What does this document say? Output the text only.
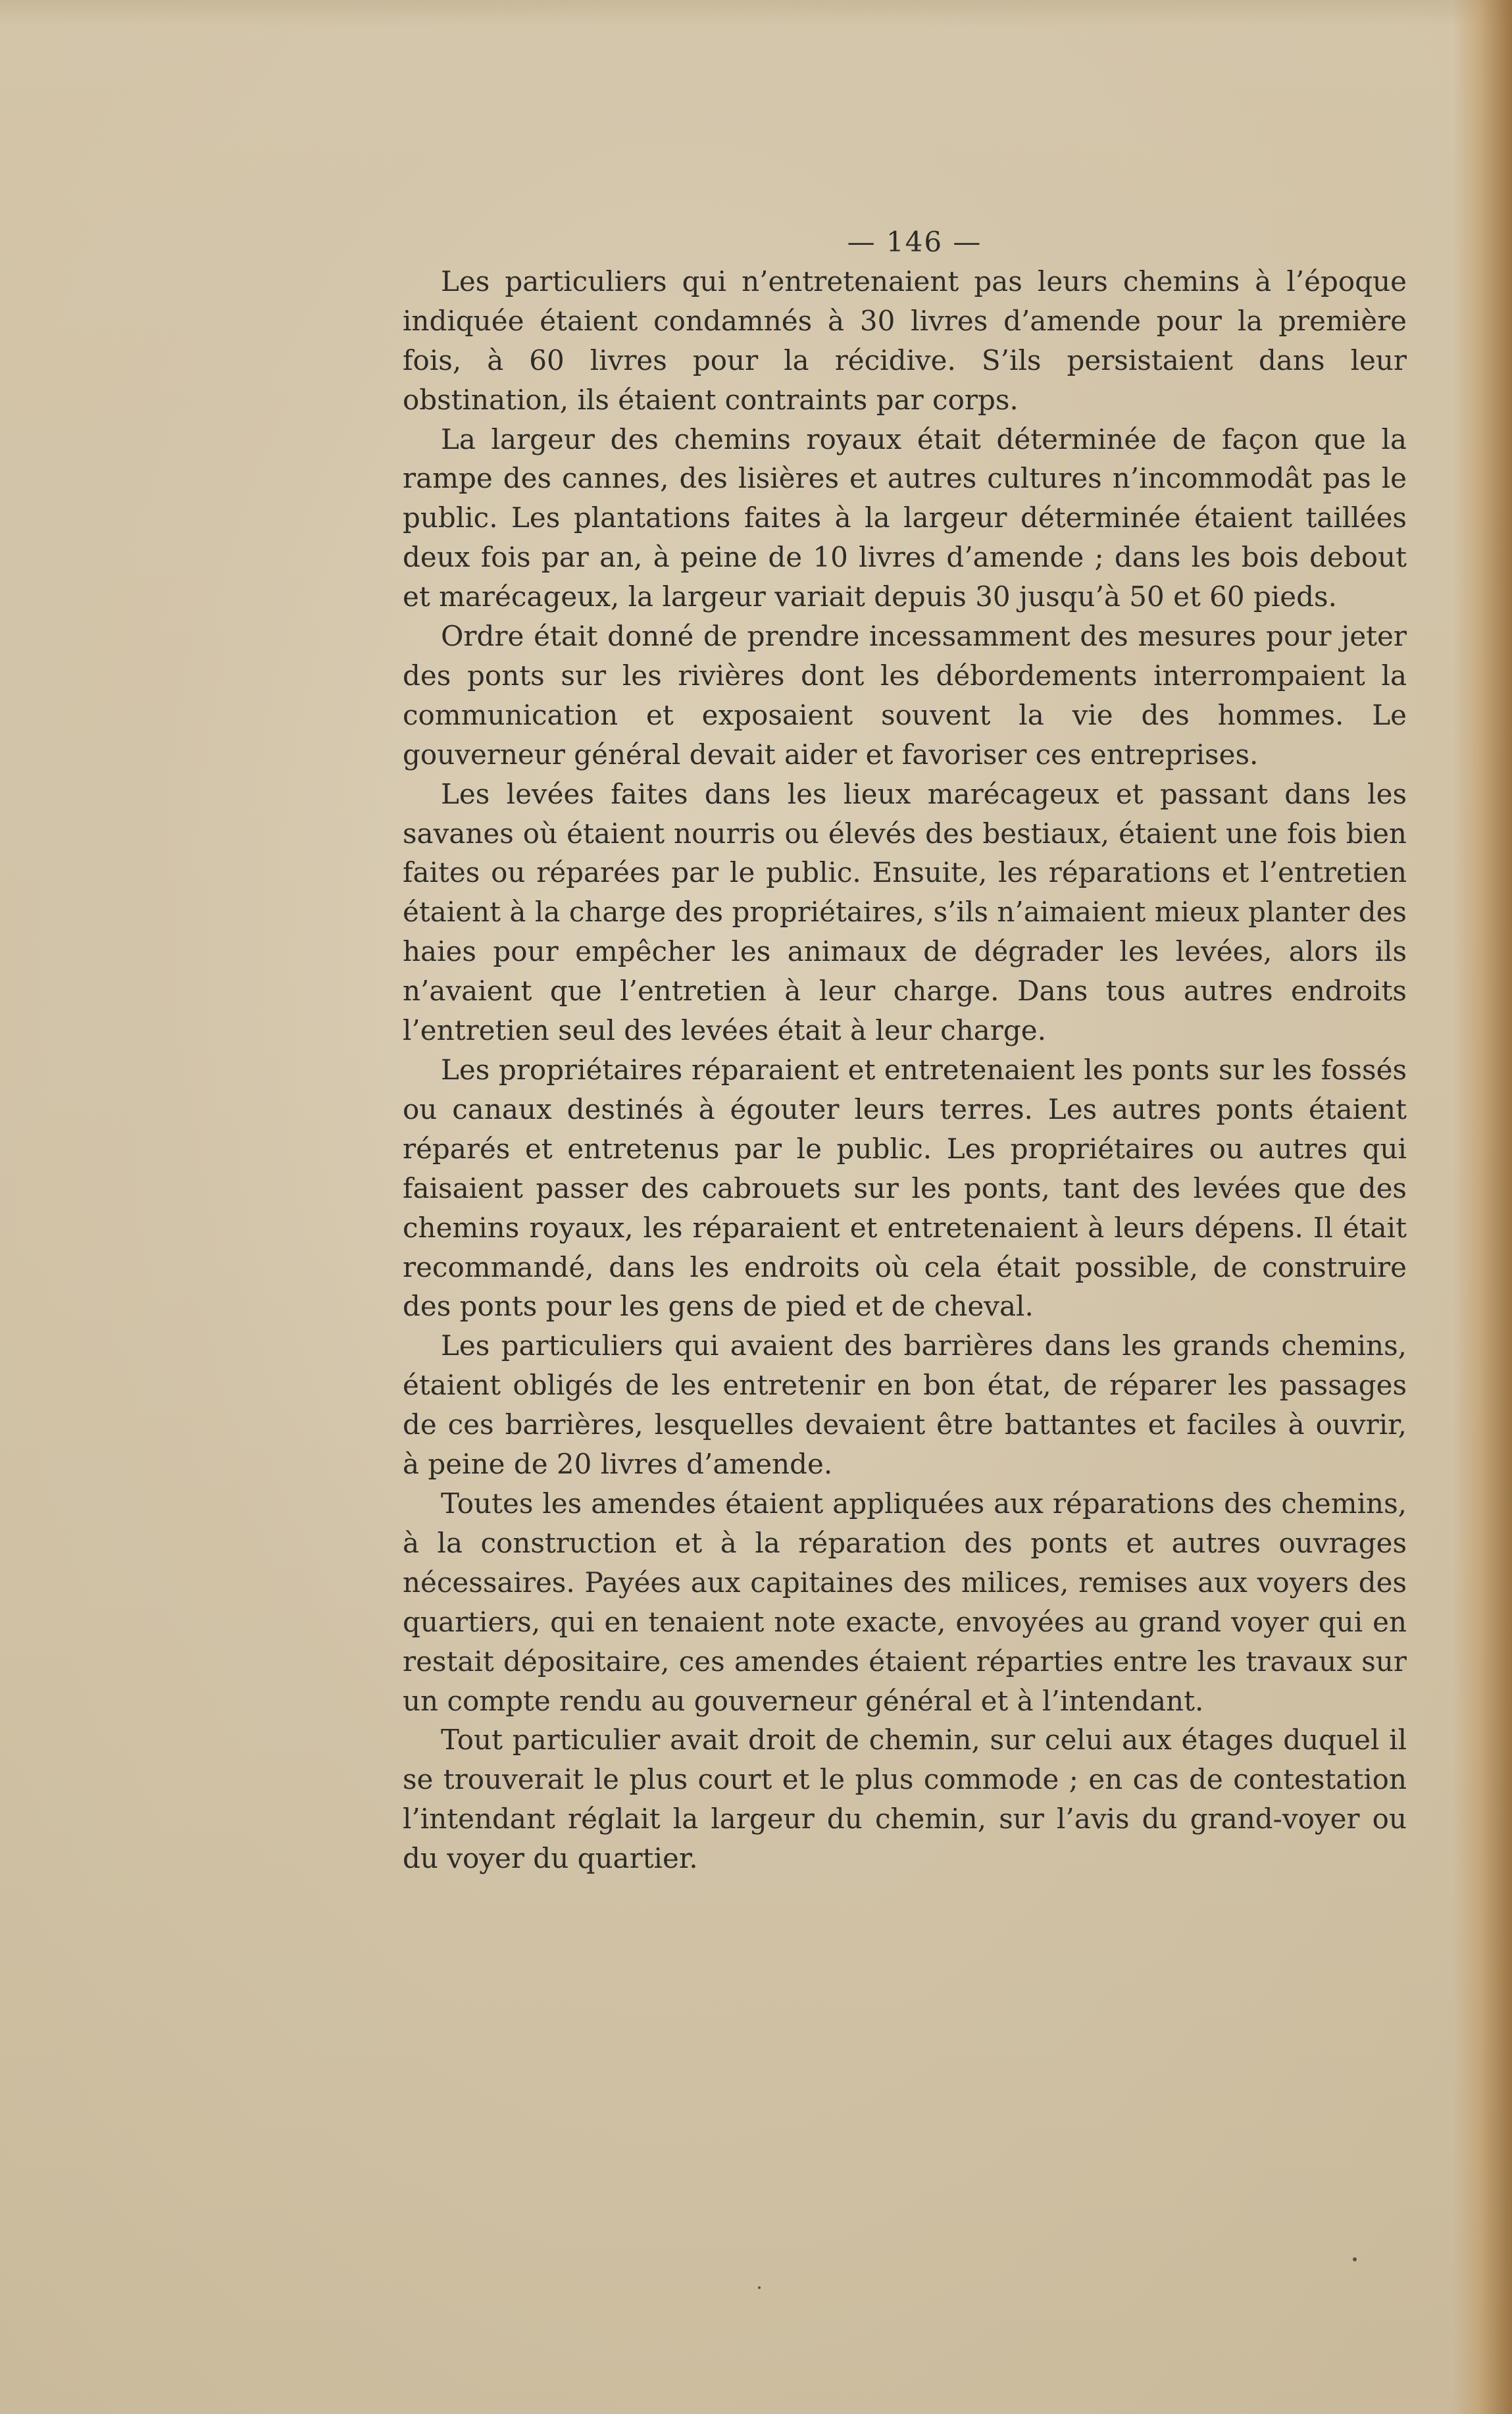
— 146 —

Les particuliers qui n’entretenaient pas leurs chemins à l’époque indiquée étaient condamnés à 30 livres d’amende pour la première fois, à 60 livres pour la récidive. S’ils persistaient dans leur obstination, ils étaient contraints par corps.

La largeur des chemins royaux était déterminée de façon que la rampe des cannes, des lisières et autres cultures n’incommodât pas le public. Les plantations faites à la largeur déterminée étaient taillées deux fois par an, à peine de 10 livres d’amende ; dans les bois debout et marécageux, la largeur variait depuis 30 jusqu’à 50 et 60 pieds.

Ordre était donné de prendre incessamment des mesures pour jeter des ponts sur les rivières dont les débordements interrompaient la communication et exposaient souvent la vie des hommes. Le gouverneur général devait aider et favoriser ces entreprises.

Les levées faites dans les lieux marécageux et passant dans les savanes où étaient nourris ou élevés des bestiaux, étaient une fois bien faites ou réparées par le public. Ensuite, les réparations et l’entretien étaient à la charge des propriétaires, s’ils n’aimaient mieux planter des haies pour empêcher les animaux de dégrader les levées, alors ils n’avaient que l’entretien à leur charge. Dans tous autres endroits l’entretien seul des levées était à leur charge.

Les propriétaires réparaient et entretenaient les ponts sur les fossés ou canaux destinés à égouter leurs terres. Les autres ponts étaient réparés et entretenus par le public. Les propriétaires ou autres qui faisaient passer des cabrouets sur les ponts, tant des levées que des chemins royaux, les réparaient et entretenaient à leurs dépens. Il était recommandé, dans les endroits où cela était possible, de construire des ponts pour les gens de pied et de cheval.

Les particuliers qui avaient des barrières dans les grands chemins, étaient obligés de les entretenir en bon état, de réparer les passages de ces barrières, lesquelles devaient être battantes et faciles à ouvrir, à peine de 20 livres d’amende.

Toutes les amendes étaient appliquées aux réparations des chemins, à la construction et à la réparation des ponts et autres ouvrages nécessaires. Payées aux capitaines des milices, remises aux voyers des quartiers, qui en tenaient note exacte, envoyées au grand voyer qui en restait dépositaire, ces amendes étaient réparties entre les travaux sur un compte rendu au gouverneur général et à l’intendant.

Tout particulier avait droit de chemin, sur celui aux étages duquel il se trouverait le plus court et le plus commode ; en cas de contestation l’intendant réglait la largeur du chemin, sur l’avis du grand-voyer ou du voyer du quartier.
